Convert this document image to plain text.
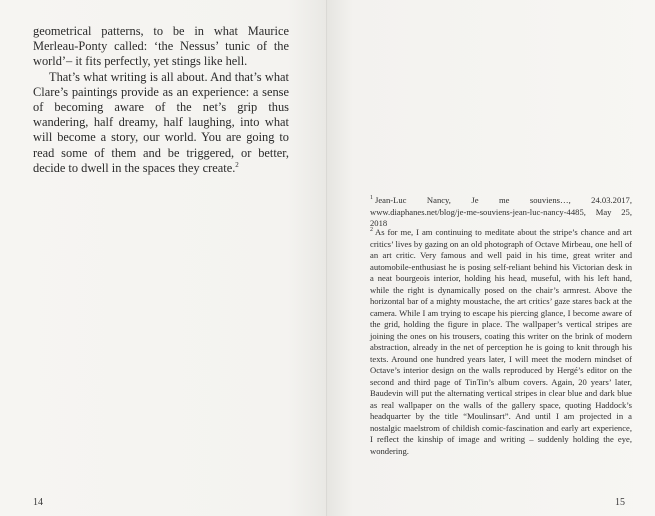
geometrical patterns, to be in what Maurice Merleau-Ponty called: ‘the Nessus’ tunic of the world’– it fits perfectly, yet stings like hell.

That’s what writing is all about. And that’s what Clare’s paintings provide as an experience: a sense of becoming aware of the net’s grip thus wandering, half dreamy, half laughing, into what will become a story, our world. You are going to read some of them and be triggered, or better, decide to dwell in the spaces they create.$^2$

14

$^1$ Jean-Luc Nancy, Je me souviens…, 24.03.2017, www.diaphanes.net/blog/je-me-souviens-jean-luc-nancy-4485, May 25, 2018

$^2$ As for me, I am continuing to meditate about the stripe’s chance and art critics’ lives by gazing on an old photograph of Octave Mirbeau, one hell of an art critic. Very famous and well paid in his time, great writer and automobile-enthusiast he is posing self-reliant behind his Victorian desk in a neat bourgeois interior, holding his head, museful, with his left hand, while the right is dynamically posed on the chair’s armrest. Above the horizontal bar of a mighty moustache, the art critics’ gaze stares back at the camera. While I am trying to escape his piercing glance, I become aware of the grid, holding the figure in place. The wallpaper’s vertical stripes are joining the ones on his trousers, coating this writer on the brink of modern abstraction, already in the net of perception he is going to knit through his texts. Around one hundred years later, I will meet the modern mindset of Octave’s interior design on the walls reproduced by Hergé’s editor on the second and third page of TinTin’s album covers. Again, 20 years’ later, Baudevin will put the alternating vertical stripes in clear blue and dark blue as real wallpaper on the walls of the gallery space, quoting Haddock’s headquarter by the title “Moulinsart”. And until I am projected in a nostalgic maelstrom of childish comic-fascination and early art experience, I reflect the kinship of image and writing – suddenly holding the eye, wondering.

15
